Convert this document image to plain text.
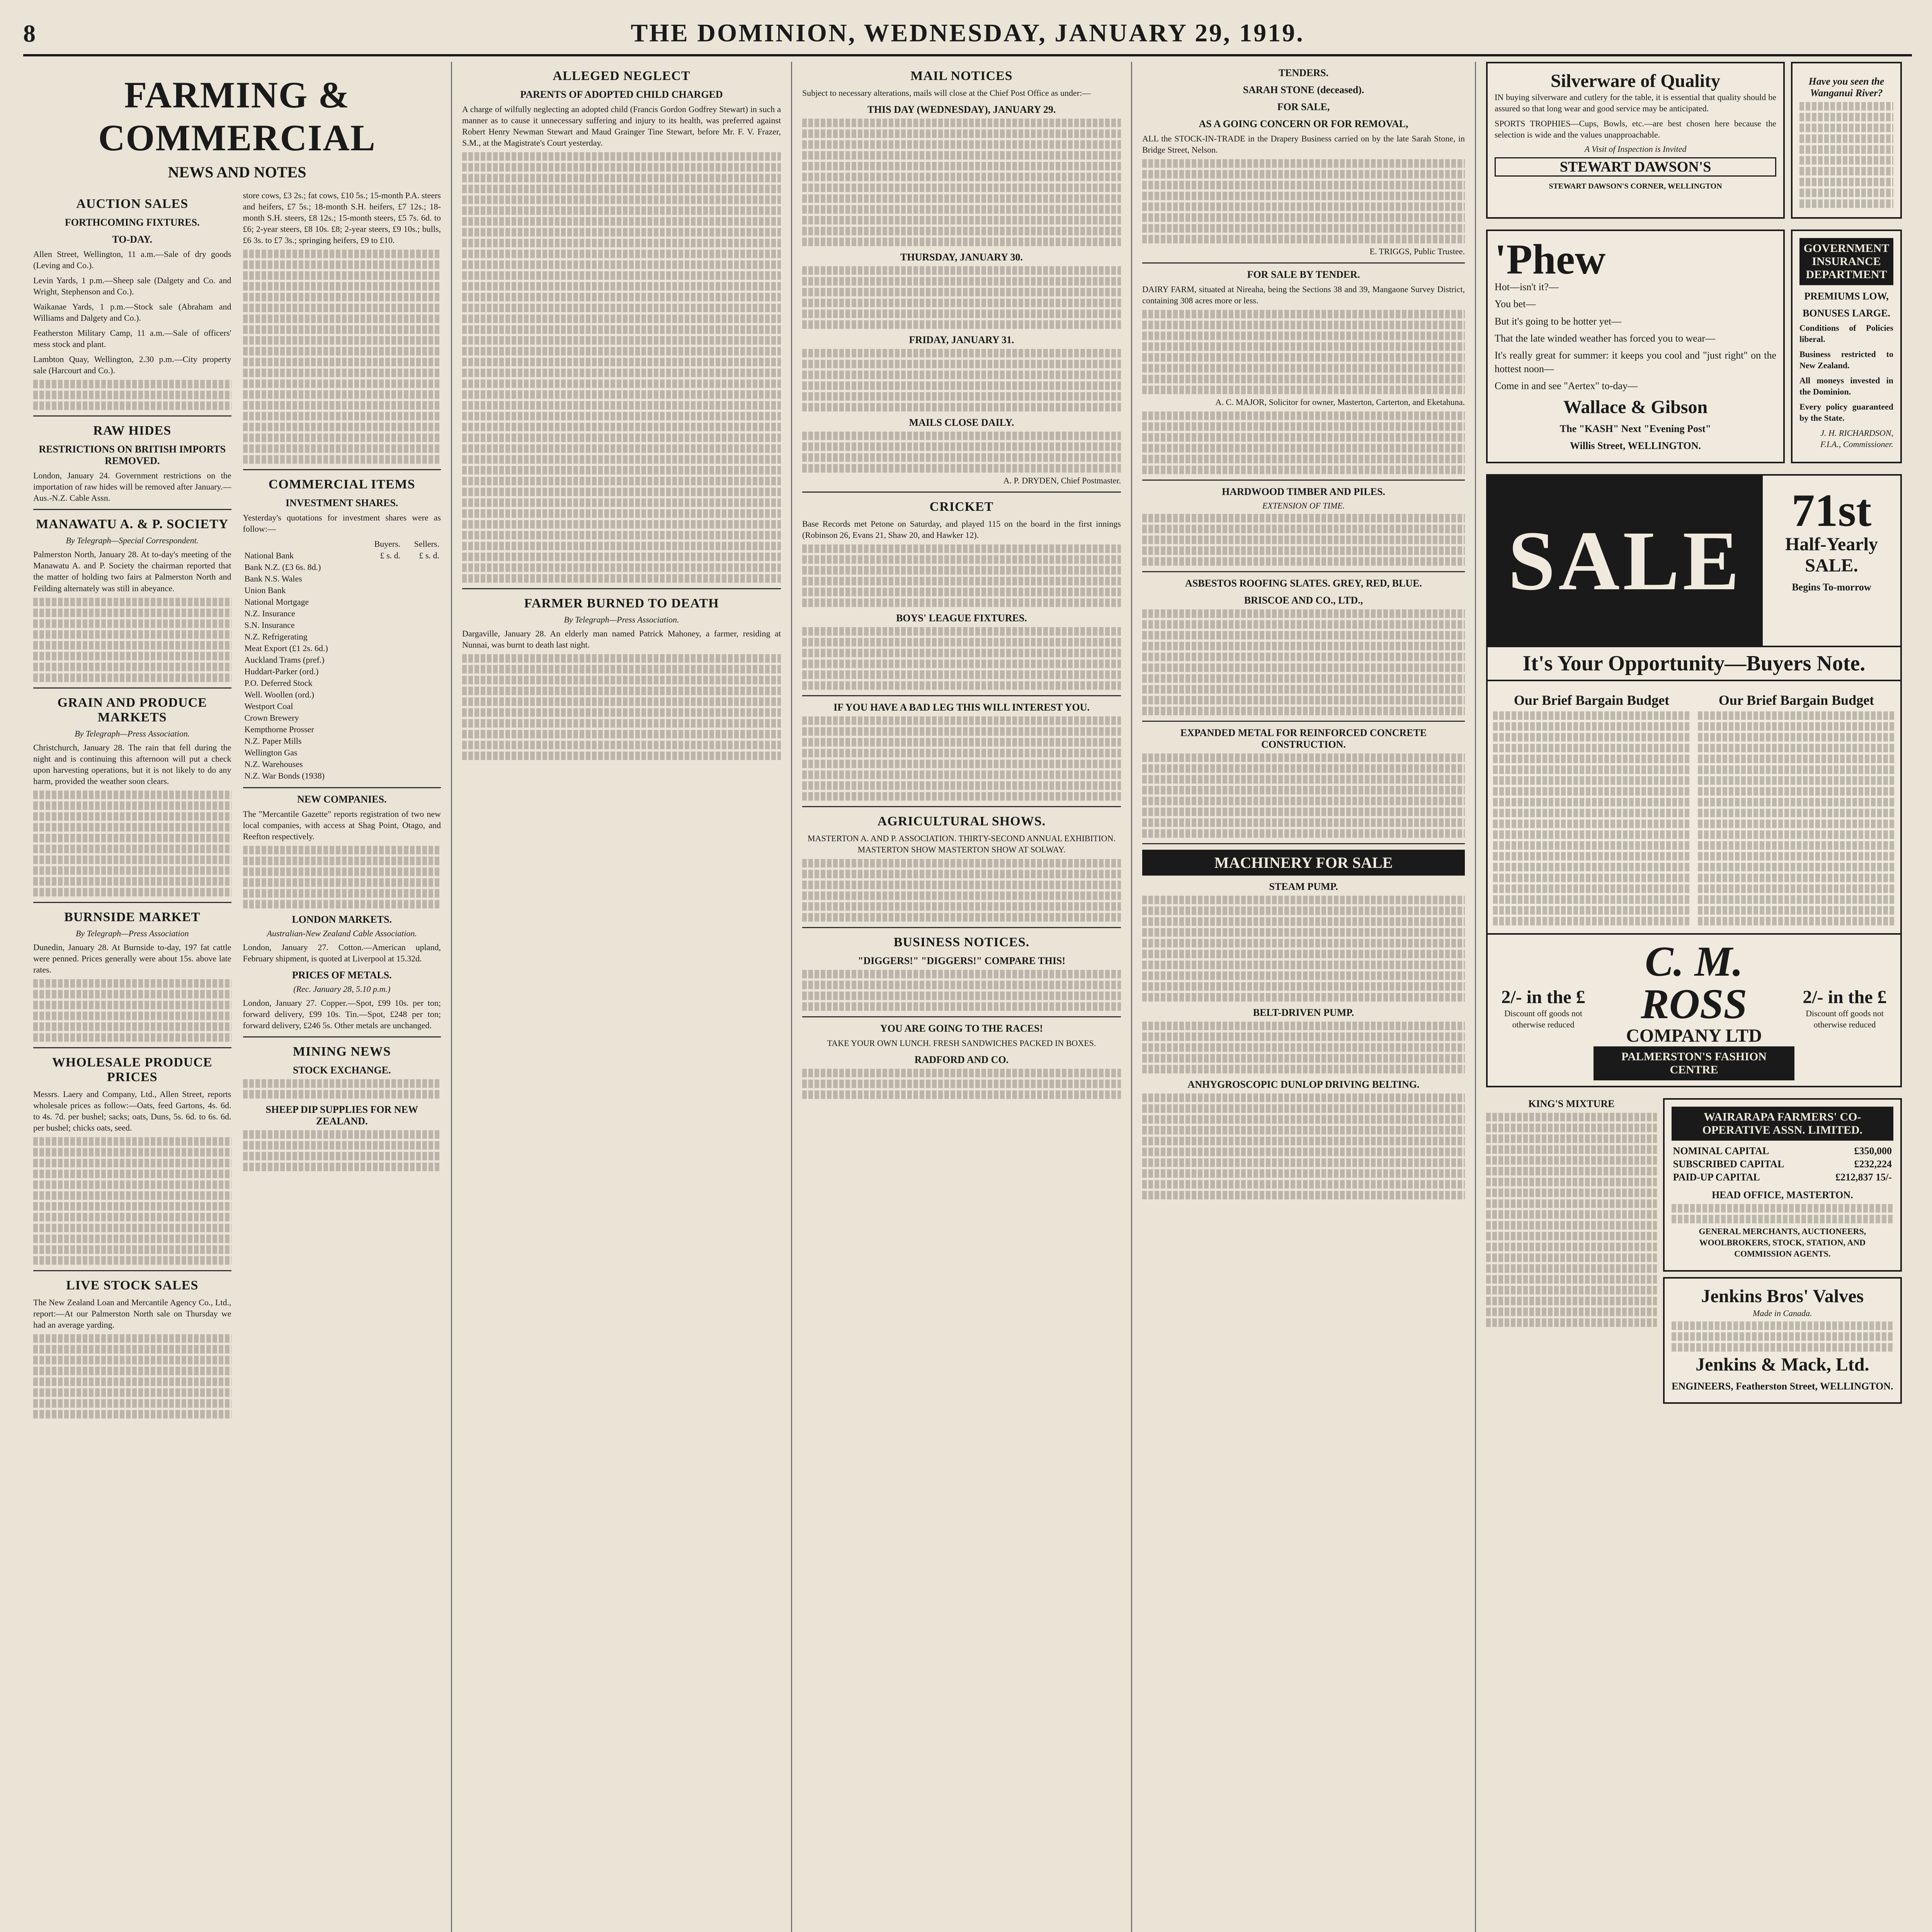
8	THE DOMINION, WEDNESDAY, JANUARY 29, 1919.
FARMING & COMMERCIAL
NEWS AND NOTES
AUCTION SALES
FORTHCOMING FIXTURES.
TO-DAY.

Allen Street, Wellington, 11 a.m.—Sale of dry goods (Leving and Co.).

Levin Yards, 1 p.m.—Sheep sale (Dalgety and Co. and Wright, Stephenson and Co.).

Waikanae Yards, 1 p.m.—Stock sale (Abraham and Williams and Dalgety and Co.).

Featherston Military Camp, 11 a.m.—Sale of officers' mess stock and plant.

Lambton Quay, Wellington, 2.30 p.m.—City property sale (Harcourt and Co.).

RAW HIDES
RESTRICTIONS ON BRITISH IMPORTS REMOVED.

London, January 24. Government restrictions on the importation of raw hides will be removed after January.—Aus.-N.Z. Cable Assn.

MANAWATU A. & P. SOCIETY
By Telegraph—Special Correspondent.

Palmerston North, January 28. At to-day's meeting of the Manawatu A. and P. Society the chairman reported that the matter of holding two fairs at Palmerston North and Feilding alternately was still in abeyance.

GRAIN AND PRODUCE MARKETS
By Telegraph—Press Association.

Christchurch, January 28. The rain that fell during the night and is continuing this afternoon will put a check upon harvesting operations, but it is not likely to do any harm, provided the weather soon clears.

BURNSIDE MARKET
By Telegraph—Press Association

Dunedin, January 28. At Burnside to-day, 197 fat cattle were penned. Prices generally were about 15s. above late rates.

WHOLESALE PRODUCE PRICES

Messrs. Laery and Company, Ltd., Allen Street, reports wholesale prices as follow:—Oats, feed Gartons, 4s. 6d. to 4s. 7d. per bushel; sacks; oats, Duns, 5s. 6d. to 6s. 6d. per bushel; chicks oats, seed.

LIVE STOCK SALES

The New Zealand Loan and Mercantile Agency Co., Ltd., report:—At our Palmerston North sale on Thursday we had an average yarding.

store cows, £3 2s.; fat cows, £10 5s.; 15-month P.A. steers and heifers, £7 5s.; 18-month S.H. heifers, £7 12s.; 18-month S.H. steers, £8 12s.; 15-month steers, £5 7s. 6d. to £6; 2-year steers, £8 10s. £8; 2-year steers, £9 10s.; bulls, £6 3s. to £7 3s.; springing heifers, £9 to £10.

COMMERCIAL ITEMS
INVESTMENT SHARES.

Yesterday's quotations for investment shares were as follow:—

	Buyers.	Sellers.
National Bank	£ s. d.	£ s. d.
Bank N.Z. (£3 6s. 8d.)		
Bank N.S. Wales		
Union Bank		
National Mortgage		
N.Z. Insurance		
S.N. Insurance		
N.Z. Refrigerating		
Meat Export (£1 2s. 6d.)		
Auckland Trams (pref.)		
Huddart-Parker (ord.)		
P.O. Deferred Stock		
Well. Woollen (ord.)		
Westport Coal		
Crown Brewery		
Kempthorne Prosser		
N.Z. Paper Mills		
Wellington Gas		
N.Z. Warehouses		
N.Z. War Bonds (1938)		
NEW COMPANIES.

The "Mercantile Gazette" reports registration of two new local companies, with access at Shag Point, Otago, and Reefton respectively.

LONDON MARKETS.
Australian-New Zealand Cable Association.

London, January 27. Cotton.—American upland, February shipment, is quoted at Liverpool at 15.32d.

PRICES OF METALS.
(Rec. January 28, 5.10 p.m.)

London, January 27. Copper.—Spot, £99 10s. per ton; forward delivery, £99 10s. Tin.—Spot, £248 per ton; forward delivery, £246 5s. Other metals are unchanged.

MINING NEWS
STOCK EXCHANGE.
SHEEP DIP SUPPLIES FOR NEW ZEALAND.
ALLEGED NEGLECT
PARENTS OF ADOPTED CHILD CHARGED

A charge of wilfully neglecting an adopted child (Francis Gordon Godfrey Stewart) in such a manner as to cause it unnecessary suffering and injury to its health, was preferred against Robert Henry Newman Stewart and Maud Grainger Tine Stewart, before Mr. F. V. Frazer, S.M., at the Magistrate's Court yesterday.

FARMER BURNED TO DEATH
By Telegraph—Press Association.

Dargaville, January 28. An elderly man named Patrick Mahoney, a farmer, residing at Nunnai, was burnt to death last night.

MAIL NOTICES

Subject to necessary alterations, mails will close at the Chief Post Office as under:—

THIS DAY (WEDNESDAY), JANUARY 29.
THURSDAY, JANUARY 30.
FRIDAY, JANUARY 31.
MAILS CLOSE DAILY.

A. P. DRYDEN, Chief Postmaster.

CRICKET

Base Records met Petone on Saturday, and played 115 on the board in the first innings (Robinson 26, Evans 21, Shaw 20, and Hawker 12).

BOYS' LEAGUE FIXTURES.
IF YOU HAVE A BAD LEG THIS WILL INTEREST YOU.
AGRICULTURAL SHOWS.

MASTERTON A. AND P. ASSOCIATION. THIRTY-SECOND ANNUAL EXHIBITION. MASTERTON SHOW MASTERTON SHOW AT SOLWAY.

BUSINESS NOTICES.
"DIGGERS!" "DIGGERS!" COMPARE THIS!
YOU ARE GOING TO THE RACES!

TAKE YOUR OWN LUNCH. FRESH SANDWICHES PACKED IN BOXES.

RADFORD AND CO.
TENDERS.
SARAH STONE (deceased).
FOR SALE,
AS A GOING CONCERN OR FOR REMOVAL,

ALL the STOCK-IN-TRADE in the Drapery Business carried on by the late Sarah Stone, in Bridge Street, Nelson.

E. TRIGGS, Public Trustee.

FOR SALE BY TENDER.

DAIRY FARM, situated at Nireaha, being the Sections 38 and 39, Mangaone Survey District, containing 308 acres more or less.

A. C. MAJOR, Solicitor for owner, Masterton, Carterton, and Eketahuna.

HARDWOOD TIMBER AND PILES.
EXTENSION OF TIME.
ASBESTOS ROOFING SLATES. GREY, RED, BLUE.
BRISCOE AND CO., LTD.,
EXPANDED METAL FOR REINFORCED CONCRETE CONSTRUCTION.
MACHINERY FOR SALE
STEAM PUMP.
BELT-DRIVEN PUMP.
ANHYGROSCOPIC DUNLOP DRIVING BELTING.
Silverware of Quality

IN buying silverware and cutlery for the table, it is essential that quality should be assured so that long wear and good service may be anticipated.

SPORTS TROPHIES—Cups, Bowls, etc.—are best chosen here because the selection is wide and the values unapproachable.

A Visit of Inspection is Invited
STEWART DAWSON'S
STEWART DAWSON'S CORNER, WELLINGTON
Have you seen the Wanganui River?
'Phew

Hot—isn't it?—

You bet—

But it's going to be hotter yet—

That the late winded weather has forced you to wear—

It's really great for summer: it keeps you cool and "just right" on the hottest noon—

Come in and see "Aertex" to-day—

Wallace & Gibson
The "KASH" Next "Evening Post"
Willis Street, WELLINGTON.
GOVERNMENT INSURANCE DEPARTMENT
PREMIUMS LOW,
BONUSES LARGE.

Conditions of Policies liberal.

Business restricted to New Zealand.

All moneys invested in the Dominion.

Every policy guaranteed by the State.

J. H. RICHARDSON, F.I.A., Commissioner.

SALE
71st
Half-Yearly
SALE.
Begins To-morrow
It's Your Opportunity—Buyers Note.
Our Brief Bargain Budget	Our Brief Bargain Budget
2/- in the £

Discount off goods not otherwise reduced

C. M. ROSS
COMPANY LTD
PALMERSTON'S FASHION CENTRE
2/- in the £

Discount off goods not otherwise reduced

KING'S MIXTURE
WAIRARAPA FARMERS' CO-OPERATIVE ASSN. LIMITED.
NOMINAL CAPITAL	£350,000
SUBSCRIBED CAPITAL	£232,224
PAID-UP CAPITAL	£212,837 15/-
HEAD OFFICE, MASTERTON.

GENERAL MERCHANTS, AUCTIONEERS, WOOLBROKERS, STOCK, STATION, AND COMMISSION AGENTS.

Jenkins Bros' Valves
Made in Canada.
Jenkins & Mack, Ltd.
ENGINEERS, Featherston Street, WELLINGTON.
